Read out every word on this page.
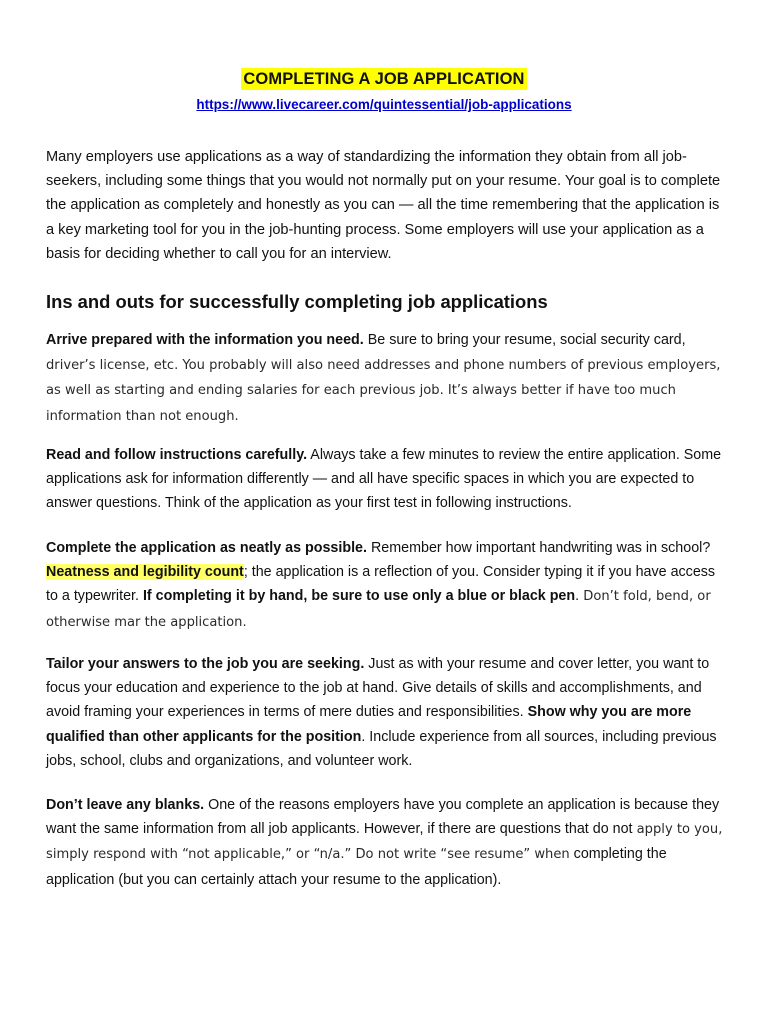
COMPLETING A JOB APPLICATION
https://www.livecareer.com/quintessential/job-applications

Many employers use applications as a way of standardizing the information they obtain from all job-seekers, including some things that you would not normally put on your resume. Your goal is to complete the application as completely and honestly as you can — all the time remembering that the application is a key marketing tool for you in the job-hunting process. Some employers will use your application as a basis for deciding whether to call you for an interview.

Ins and outs for successfully completing job applications

Arrive prepared with the information you need. Be sure to bring your resume, social security card, driver’s license, etc. You probably will also need addresses and phone numbers of previous employers, as well as starting and ending salaries for each previous job. It’s always better if have too much information than not enough.

Read and follow instructions carefully. Always take a few minutes to review the entire application. Some applications ask for information differently — and all have specific spaces in which you are expected to answer questions. Think of the application as your first test in following instructions.

Complete the application as neatly as possible. Remember how important handwriting was in school? Neatness and legibility count; the application is a reflection of you. Consider typing it if you have access to a typewriter. If completing it by hand, be sure to use only a blue or black pen. Don’t fold, bend, or otherwise mar the application.

Tailor your answers to the job you are seeking. Just as with your resume and cover letter, you want to focus your education and experience to the job at hand. Give details of skills and accomplishments, and avoid framing your experiences in terms of mere duties and responsibilities. Show why you are more qualified than other applicants for the position. Include experience from all sources, including previous jobs, school, clubs and organizations, and volunteer work.

Don’t leave any blanks. One of the reasons employers have you complete an application is because they want the same information from all job applicants. However, if there are questions that do not apply to you, simply respond with “not applicable,” or “n/a.” Do not write “see resume” when completing the application (but you can certainly attach your resume to the application).
